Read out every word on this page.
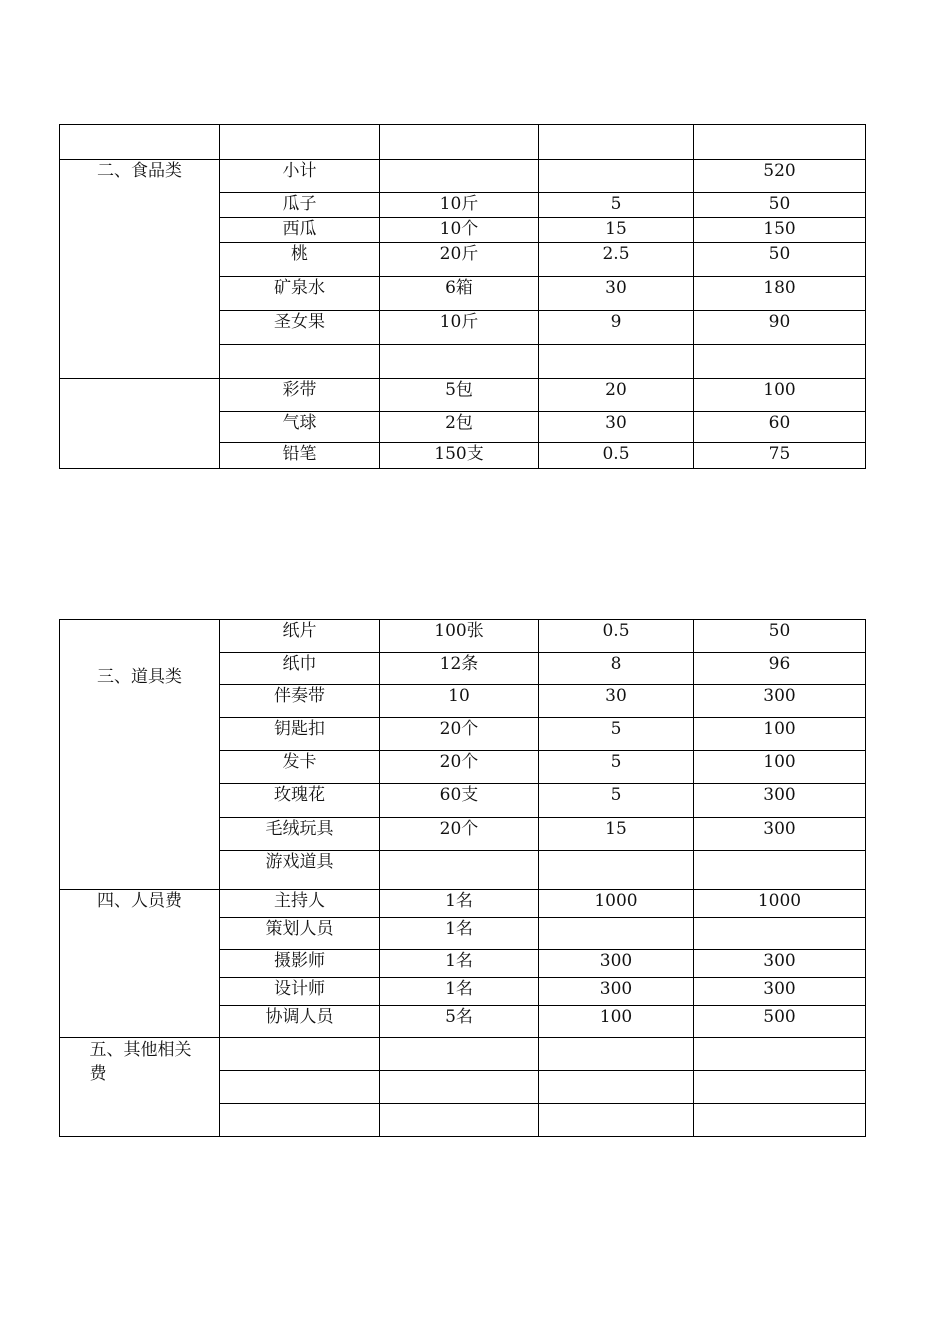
二、食品类	小计			520
	瓜子	10斤	5	50
	西瓜	10个	15	150
	桃	20斤	2.5	50
	矿泉水	6箱	30	180
	圣女果	10斤	9	90

	彩带	5包	20	100
	气球	2包	30	60
	铅笔	150支	0.5	75
三、道具类	纸片	100张	0.5	50
	纸巾	12条	8	96
	伴奏带	10	30	300
	钥匙扣	20个	5	100
	发卡	20个	5	100
	玫瑰花	60支	5	300
	毛绒玩具	20个	15	300
	游戏道具			
四、人员费	主持人	1名	1000	1000
	策划人员	1名		
	摄影师	1名	300	300
	设计师	1名	300	300
	协调人员	5名	100	500
五、其他相关费				
